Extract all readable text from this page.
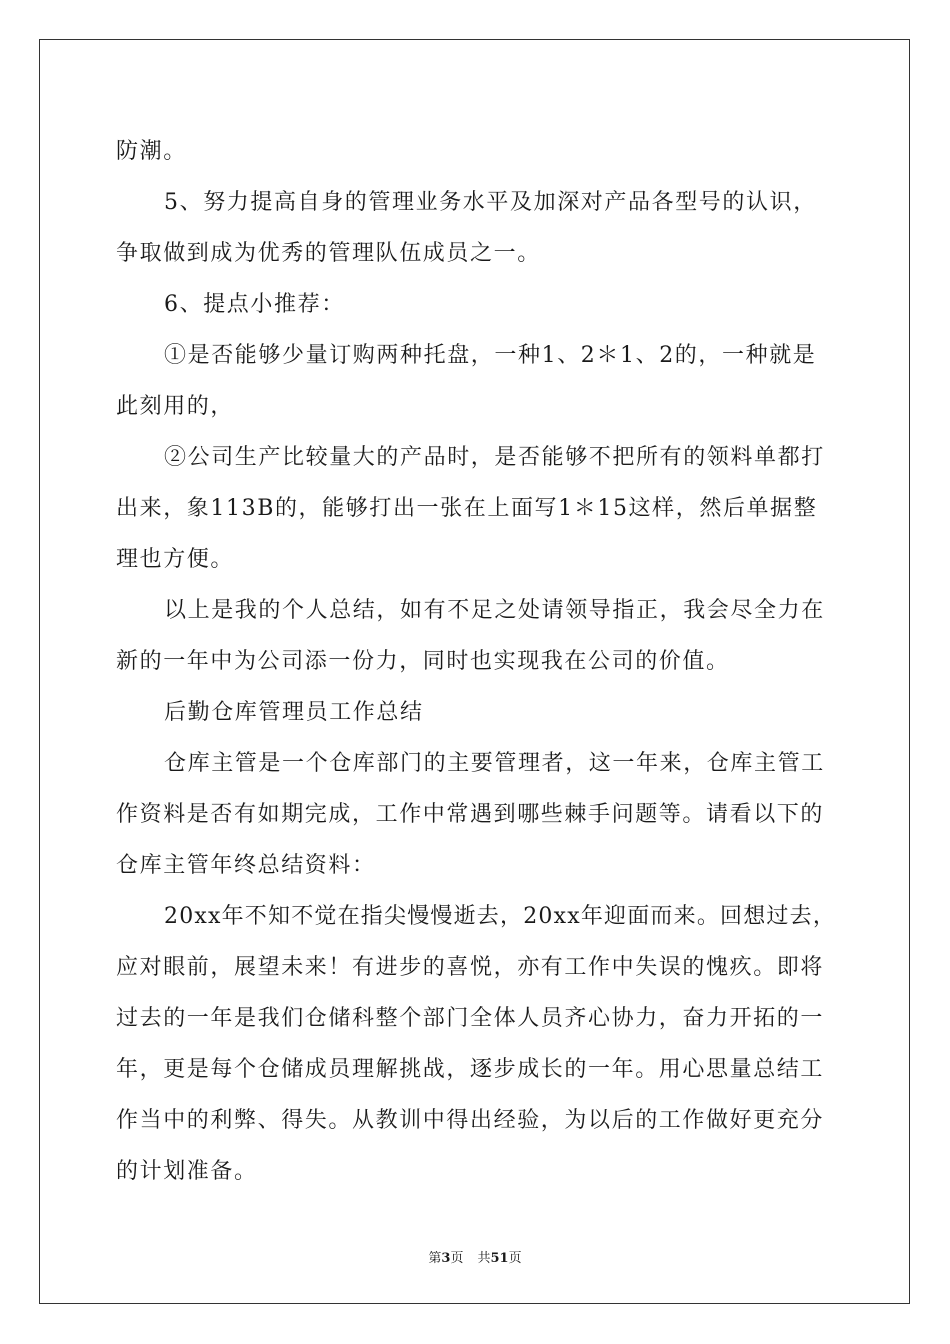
防潮。

5、努力提高自身的管理业务水平及加深对产品各型号的认识，

争取做到成为优秀的管理队伍成员之一。

6、提点小推荐：

①是否能够少量订购两种托盘，一种1、2＊1、2的，一种就是

此刻用的，

②公司生产比较量大的产品时，是否能够不把所有的领料单都打

出来，象113B的，能够打出一张在上面写1＊15这样，然后单据整

理也方便。

以上是我的个人总结，如有不足之处请领导指正，我会尽全力在

新的一年中为公司添一份力，同时也实现我在公司的价值。

后勤仓库管理员工作总结

仓库主管是一个仓库部门的主要管理者，这一年来，仓库主管工

作资料是否有如期完成，工作中常遇到哪些棘手问题等。请看以下的

仓库主管年终总结资料：

20xx年不知不觉在指尖慢慢逝去，20xx年迎面而来。回想过去，

应对眼前，展望未来！有进步的喜悦，亦有工作中失误的愧疚。即将

过去的一年是我们仓储科整个部门全体人员齐心协力，奋力开拓的一

年，更是每个仓储成员理解挑战，逐步成长的一年。用心思量总结工

作当中的利弊、得失。从教训中得出经验，为以后的工作做好更充分

的计划准备。

第3页 共51页
